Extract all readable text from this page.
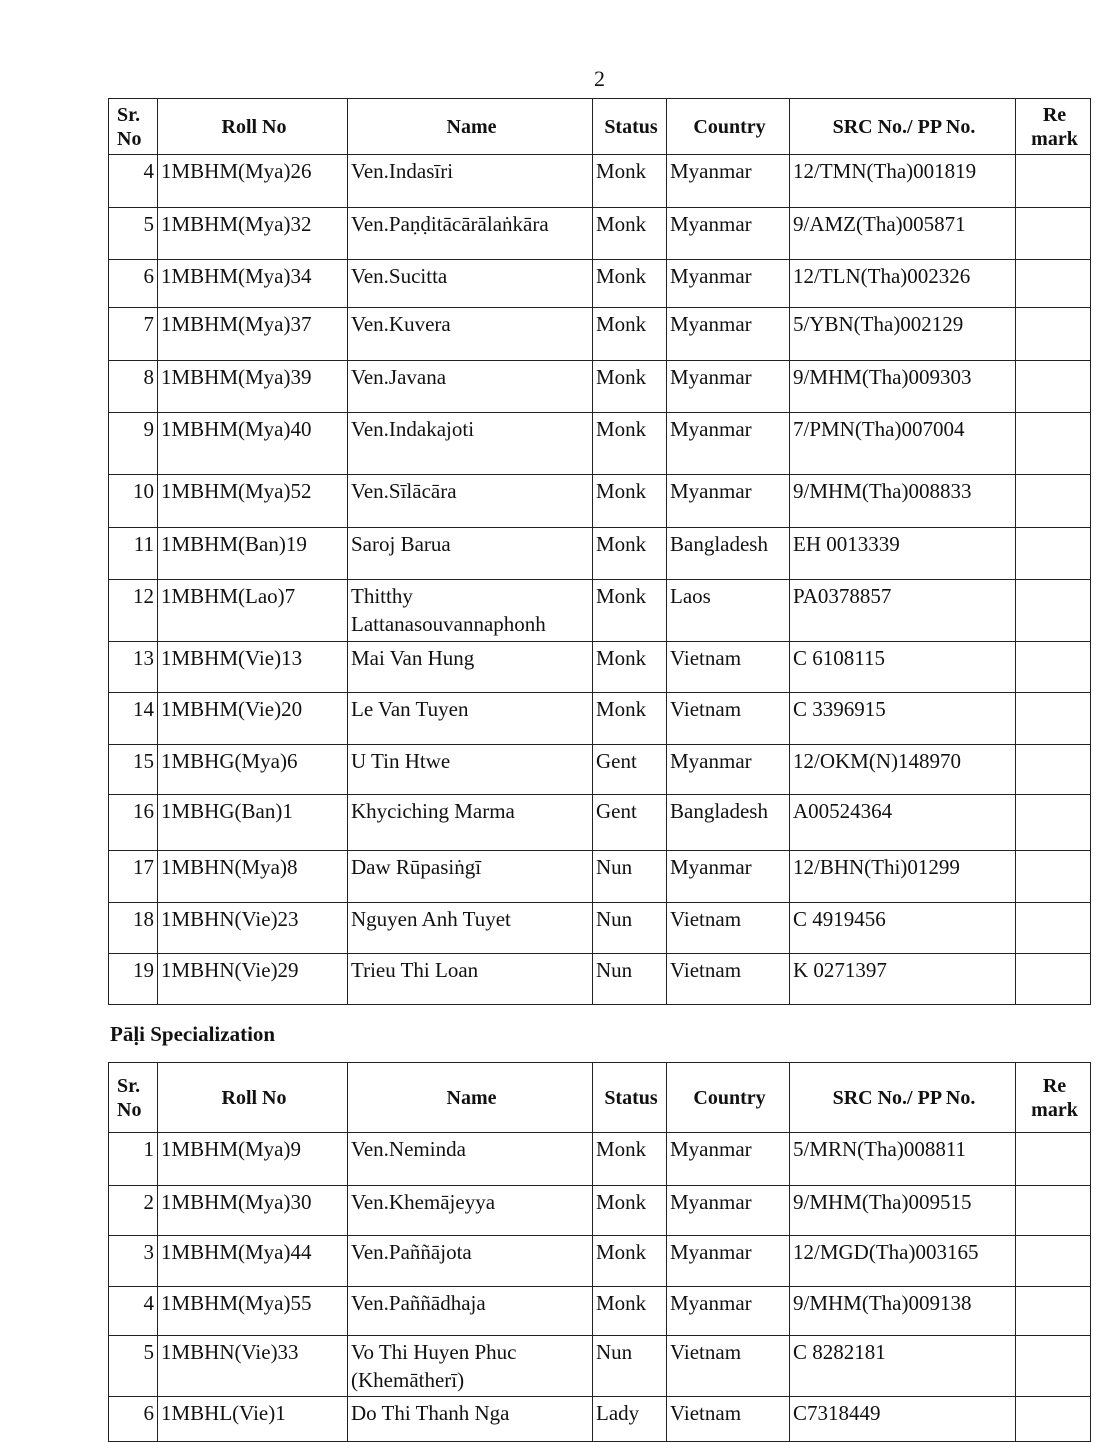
2
Sr.
No	Roll No	Name	Status	Country	SRC No./ PP No.	Re
mark
4	1MBHM(Mya)26	Ven.Indasīri	Monk	Myanmar	12/TMN(Tha)001819	
5	1MBHM(Mya)32	Ven.Paṇḍitācārālaṅkāra	Monk	Myanmar	9/AMZ(Tha)005871	
6	1MBHM(Mya)34	Ven.Sucitta	Monk	Myanmar	12/TLN(Tha)002326	
7	1MBHM(Mya)37	Ven.Kuvera	Monk	Myanmar	5/YBN(Tha)002129	
8	1MBHM(Mya)39	Ven.Javana	Monk	Myanmar	9/MHM(Tha)009303	
9	1MBHM(Mya)40	Ven.Indakajoti	Monk	Myanmar	7/PMN(Tha)007004	
10	1MBHM(Mya)52	Ven.Sīlācāra	Monk	Myanmar	9/MHM(Tha)008833	
11	1MBHM(Ban)19	Saroj Barua	Monk	Bangladesh	EH 0013339	
12	1MBHM(Lao)7	Thitthy
Lattanasouvannaphonh	Monk	Laos	PA0378857	
13	1MBHM(Vie)13	Mai Van Hung	Monk	Vietnam	C 6108115	
14	1MBHM(Vie)20	Le Van Tuyen	Monk	Vietnam	C 3396915	
15	1MBHG(Mya)6	U Tin Htwe	Gent	Myanmar	12/OKM(N)148970	
16	1MBHG(Ban)1	Khyciching Marma	Gent	Bangladesh	A00524364	
17	1MBHN(Mya)8	Daw Rūpasiṅgī	Nun	Myanmar	12/BHN(Thi)01299	
18	1MBHN(Vie)23	Nguyen Anh Tuyet	Nun	Vietnam	C 4919456	
19	1MBHN(Vie)29	Trieu Thi Loan	Nun	Vietnam	K 0271397	
Pāḷi Specialization
Sr.
No	Roll No	Name	Status	Country	SRC No./ PP No.	Re
mark
1	1MBHM(Mya)9	Ven.Neminda	Monk	Myanmar	5/MRN(Tha)008811	
2	1MBHM(Mya)30	Ven.Khemājeyya	Monk	Myanmar	9/MHM(Tha)009515	
3	1MBHM(Mya)44	Ven.Paññājota	Monk	Myanmar	12/MGD(Tha)003165	
4	1MBHM(Mya)55	Ven.Paññādhaja	Monk	Myanmar	9/MHM(Tha)009138	
5	1MBHN(Vie)33	Vo Thi Huyen Phuc
(Khemātherī)	Nun	Vietnam	C 8282181	
6	1MBHL(Vie)1	Do Thi Thanh Nga	Lady	Vietnam	C7318449	
